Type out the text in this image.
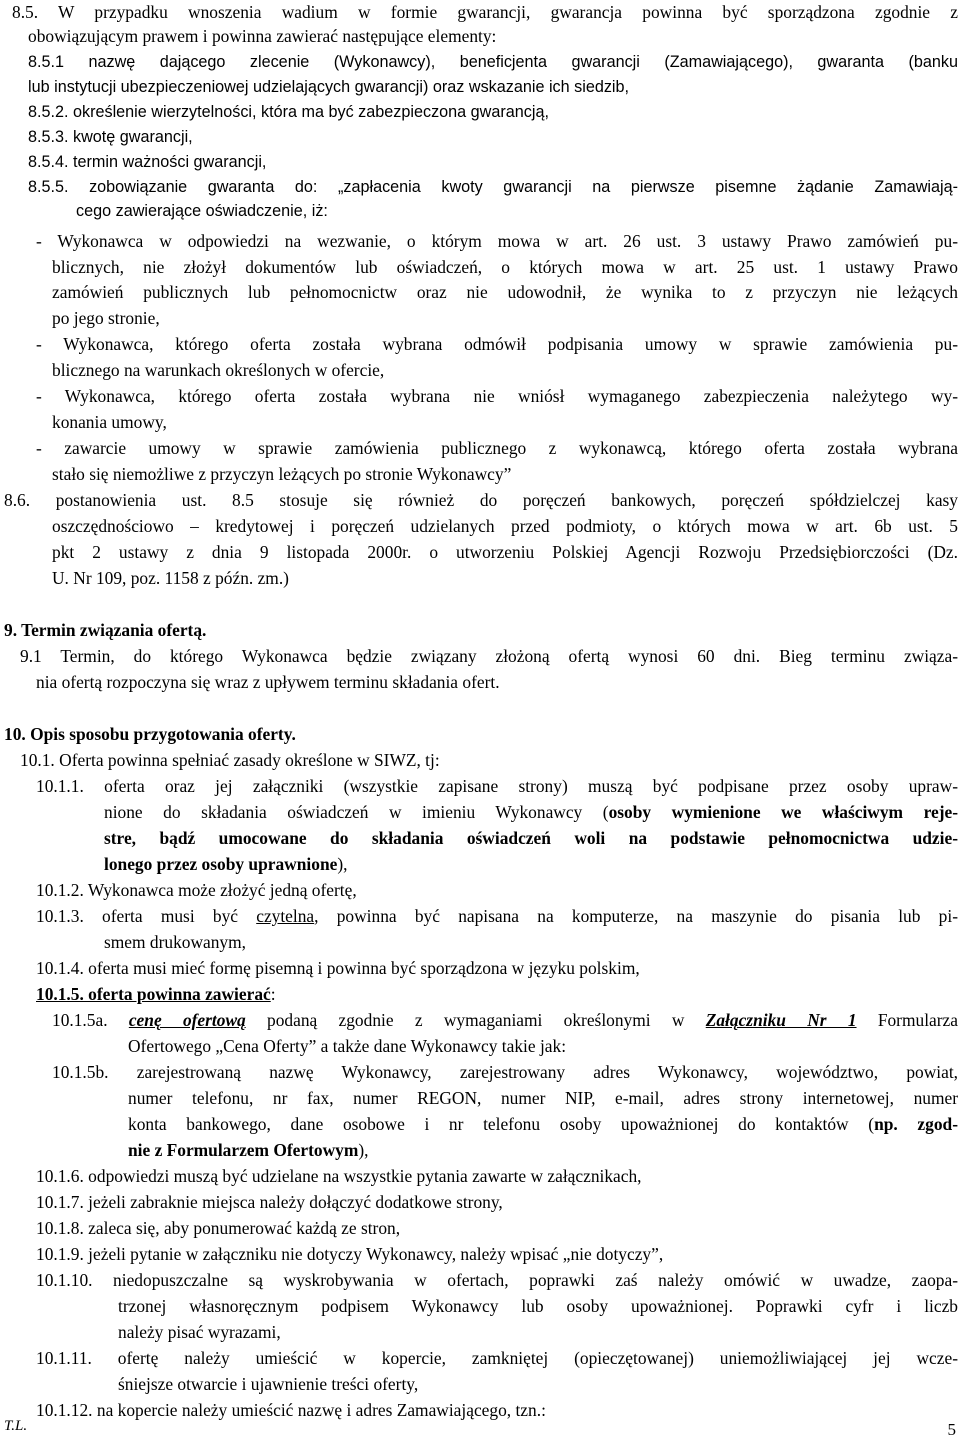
8.5. W przypadku wnoszenia wadium w formie gwarancji, gwarancja powinna być sporządzona zgodnie z
obowiązującym prawem i powinna zawierać następujące elementy:
8.5.1 nazwę dającego zlecenie (Wykonawcy), beneficjenta gwarancji (Zamawiającego), gwaranta (banku
lub instytucji ubezpieczeniowej udzielających gwarancji) oraz wskazanie ich siedzib,
8.5.2. określenie wierzytelności, która ma być zabezpieczona gwarancją,
8.5.3. kwotę gwarancji,
8.5.4. termin ważności gwarancji,
8.5.5. zobowiązanie gwaranta do: „zapłacenia kwoty gwarancji na pierwsze pisemne żądanie Zamawiają-
cego zawierające oświadczenie, iż:
- Wykonawca w odpowiedzi na wezwanie, o którym mowa w art. 26 ust. 3 ustawy Prawo zamówień pu-
blicznych, nie złożył dokumentów lub oświadczeń, o których mowa w art. 25 ust. 1 ustawy Prawo
zamówień publicznych lub pełnomocnictw oraz nie udowodnił, że wynika to z przyczyn nie leżących
po jego stronie,
- Wykonawca, którego oferta została wybrana odmówił podpisania umowy w sprawie zamówienia pu-
blicznego na warunkach określonych w ofercie,
- Wykonawca, którego oferta została wybrana nie wniósł wymaganego zabezpieczenia należytego wy-
konania umowy,
- zawarcie umowy w sprawie zamówienia publicznego z wykonawcą, którego oferta została wybrana
stało się niemożliwe z przyczyn leżących po stronie Wykonawcy”
8.6. postanowienia ust. 8.5 stosuje się również do poręczeń bankowych, poręczeń spółdzielczej kasy
oszczędnościowo – kredytowej i poręczeń udzielanych przed podmioty, o których mowa w art. 6b ust. 5
pkt 2 ustawy z dnia 9 listopada 2000r. o utworzeniu Polskiej Agencji Rozwoju Przedsiębiorczości (Dz.
U. Nr 109, poz. 1158 z późn. zm.)
9. Termin związania ofertą.
9.1 Termin, do którego Wykonawca będzie związany złożoną ofertą wynosi 60 dni. Bieg terminu związa-
nia ofertą rozpoczyna się wraz z upływem terminu składania ofert.
10. Opis sposobu przygotowania oferty.
10.1. Oferta powinna spełniać zasady określone w SIWZ, tj:
10.1.1. oferta oraz jej załączniki (wszystkie zapisane strony) muszą być podpisane przez osoby upraw-
nione do składania oświadczeń w imieniu Wykonawcy (osoby wymienione we właściwym reje-
stre, bądź umocowane do składania oświadczeń woli na podstawie pełnomocnictwa udzie-
lonego przez osoby uprawnione),
10.1.2. Wykonawca może złożyć jedną ofertę,
10.1.3. oferta musi być czytelna, powinna być napisana na komputerze, na maszynie do pisania lub pi-
smem drukowanym,
10.1.4. oferta musi mieć formę pisemną i powinna być sporządzona w języku polskim,
10.1.5. oferta powinna zawierać:
10.1.5a. cenę ofertową podaną zgodnie z wymaganiami określonymi w Załączniku Nr 1 Formularza
Ofertowego „Cena Oferty” a także dane Wykonawcy takie jak:
10.1.5b. zarejestrowaną nazwę Wykonawcy, zarejestrowany adres Wykonawcy, województwo, powiat,
numer telefonu, nr fax, numer REGON, numer NIP, e-mail, adres strony internetowej, numer
konta bankowego, dane osobowe i nr telefonu osoby upoważnionej do kontaktów (np. zgod-
nie z Formularzem Ofertowym),
10.1.6. odpowiedzi muszą być udzielane na wszystkie pytania zawarte w załącznikach,
10.1.7. jeżeli zabraknie miejsca należy dołączyć dodatkowe strony,
10.1.8. zaleca się, aby ponumerować każdą ze stron,
10.1.9. jeżeli pytanie w załączniku nie dotyczy Wykonawcy, należy wpisać „nie dotyczy”,
10.1.10. niedopuszczalne są wyskrobywania w ofertach, poprawki zaś należy omówić w uwadze, zaopa-
trzonej własnoręcznym podpisem Wykonawcy lub osoby upoważnionej. Poprawki cyfr i liczb
należy pisać wyrazami,
10.1.11. ofertę należy umieścić w kopercie, zamkniętej (opieczętowanej) uniemożliwiającej jej wcze-
śniejsze otwarcie i ujawnienie treści oferty,
10.1.12. na kopercie należy umieścić nazwę i adres Zamawiającego, tzn.:
T.L.	5
